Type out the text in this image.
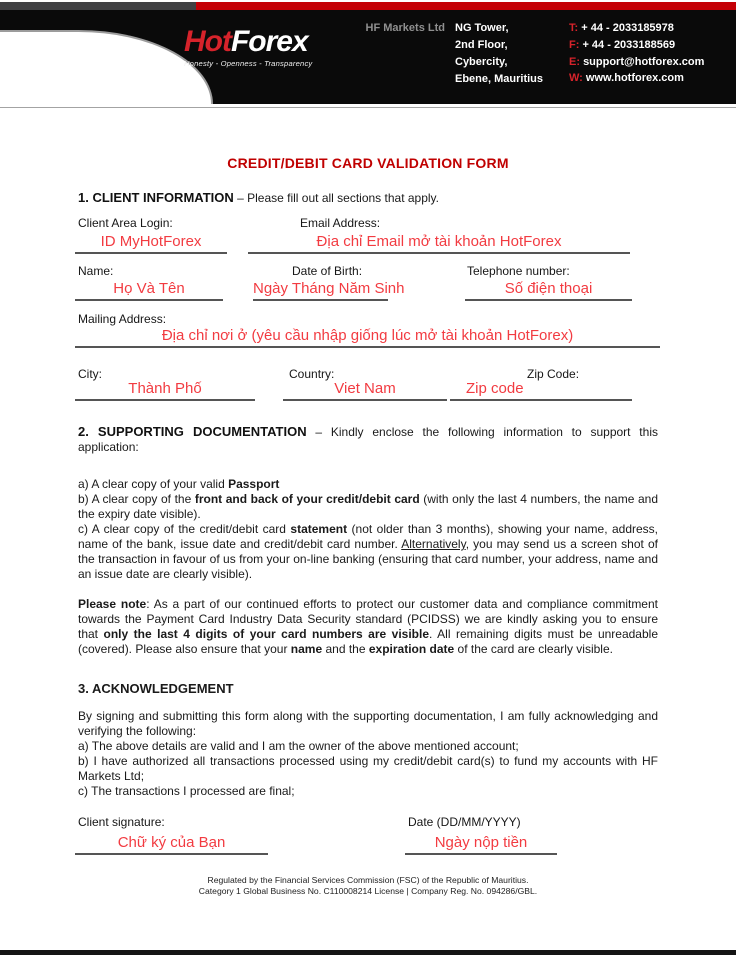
HotForex
Honesty - Openness - Transparency
HF Markets Ltd NG Tower,
2nd Floor,
Cybercity,
Ebene, Mauritius
T: + 44 - 2033185978
F: + 44 - 2033188569
E: support@hotforex.com
W: www.hotforex.com
CREDIT/DEBIT CARD VALIDATION FORM
1. CLIENT INFORMATION – Please fill out all sections that apply.
Client Area Login:	Email Address:
ID MyHotForex	Địa chỉ Email mở tài khoản HotForex
Name:	Date of Birth:	Telephone number:
Họ Và Tên	Ngày Tháng Năm Sinh	Số điện thoại
Mailing Address:
Địa chỉ nơi ở (yêu cầu nhập giống lúc mở tài khoản HotForex)
City:	Country:	Zip Code:
Thành Phố	Viet Nam	Zip code

2. SUPPORTING DOCUMENTATION – Kindly enclose the following information to support this application:

a) A clear copy of your valid Passport

b) A clear copy of the front and back of your credit/debit card (with only the last 4 numbers, the name and the expiry date visible).

c) A clear copy of the credit/debit card statement (not older than 3 months), showing your name, address, name of the bank, issue date and credit/debit card number. Alternatively, you may send us a screen shot of the transaction in favour of us from your on-line banking (ensuring that card number, your address, name and an issue date are clearly visible).

Please note: As a part of our continued efforts to protect our customer data and compliance commitment towards the Payment Card Industry Data Security standard (PCIDSS) we are kindly asking you to ensure that only the last 4 digits of your card numbers are visible. All remaining digits must be unreadable (covered). Please also ensure that your name and the expiration date of the card are clearly visible.

3. ACKNOWLEDGEMENT

By signing and submitting this form along with the supporting documentation, I am fully acknowledging and verifying the following:

a) The above details are valid and I am the owner of the above mentioned account;

b) I have authorized all transactions processed using my credit/debit card(s) to fund my accounts with HF Markets Ltd;

c) The transactions I processed are final;

Client signature:	Date (DD/MM/YYYY)
Chữ ký của Bạn	Ngày nộp tiền
Regulated by the Financial Services Commission (FSC) of the Republic of Mauritius.
Category 1 Global Business No. C110008214 License | Company Reg. No. 094286/GBL.
